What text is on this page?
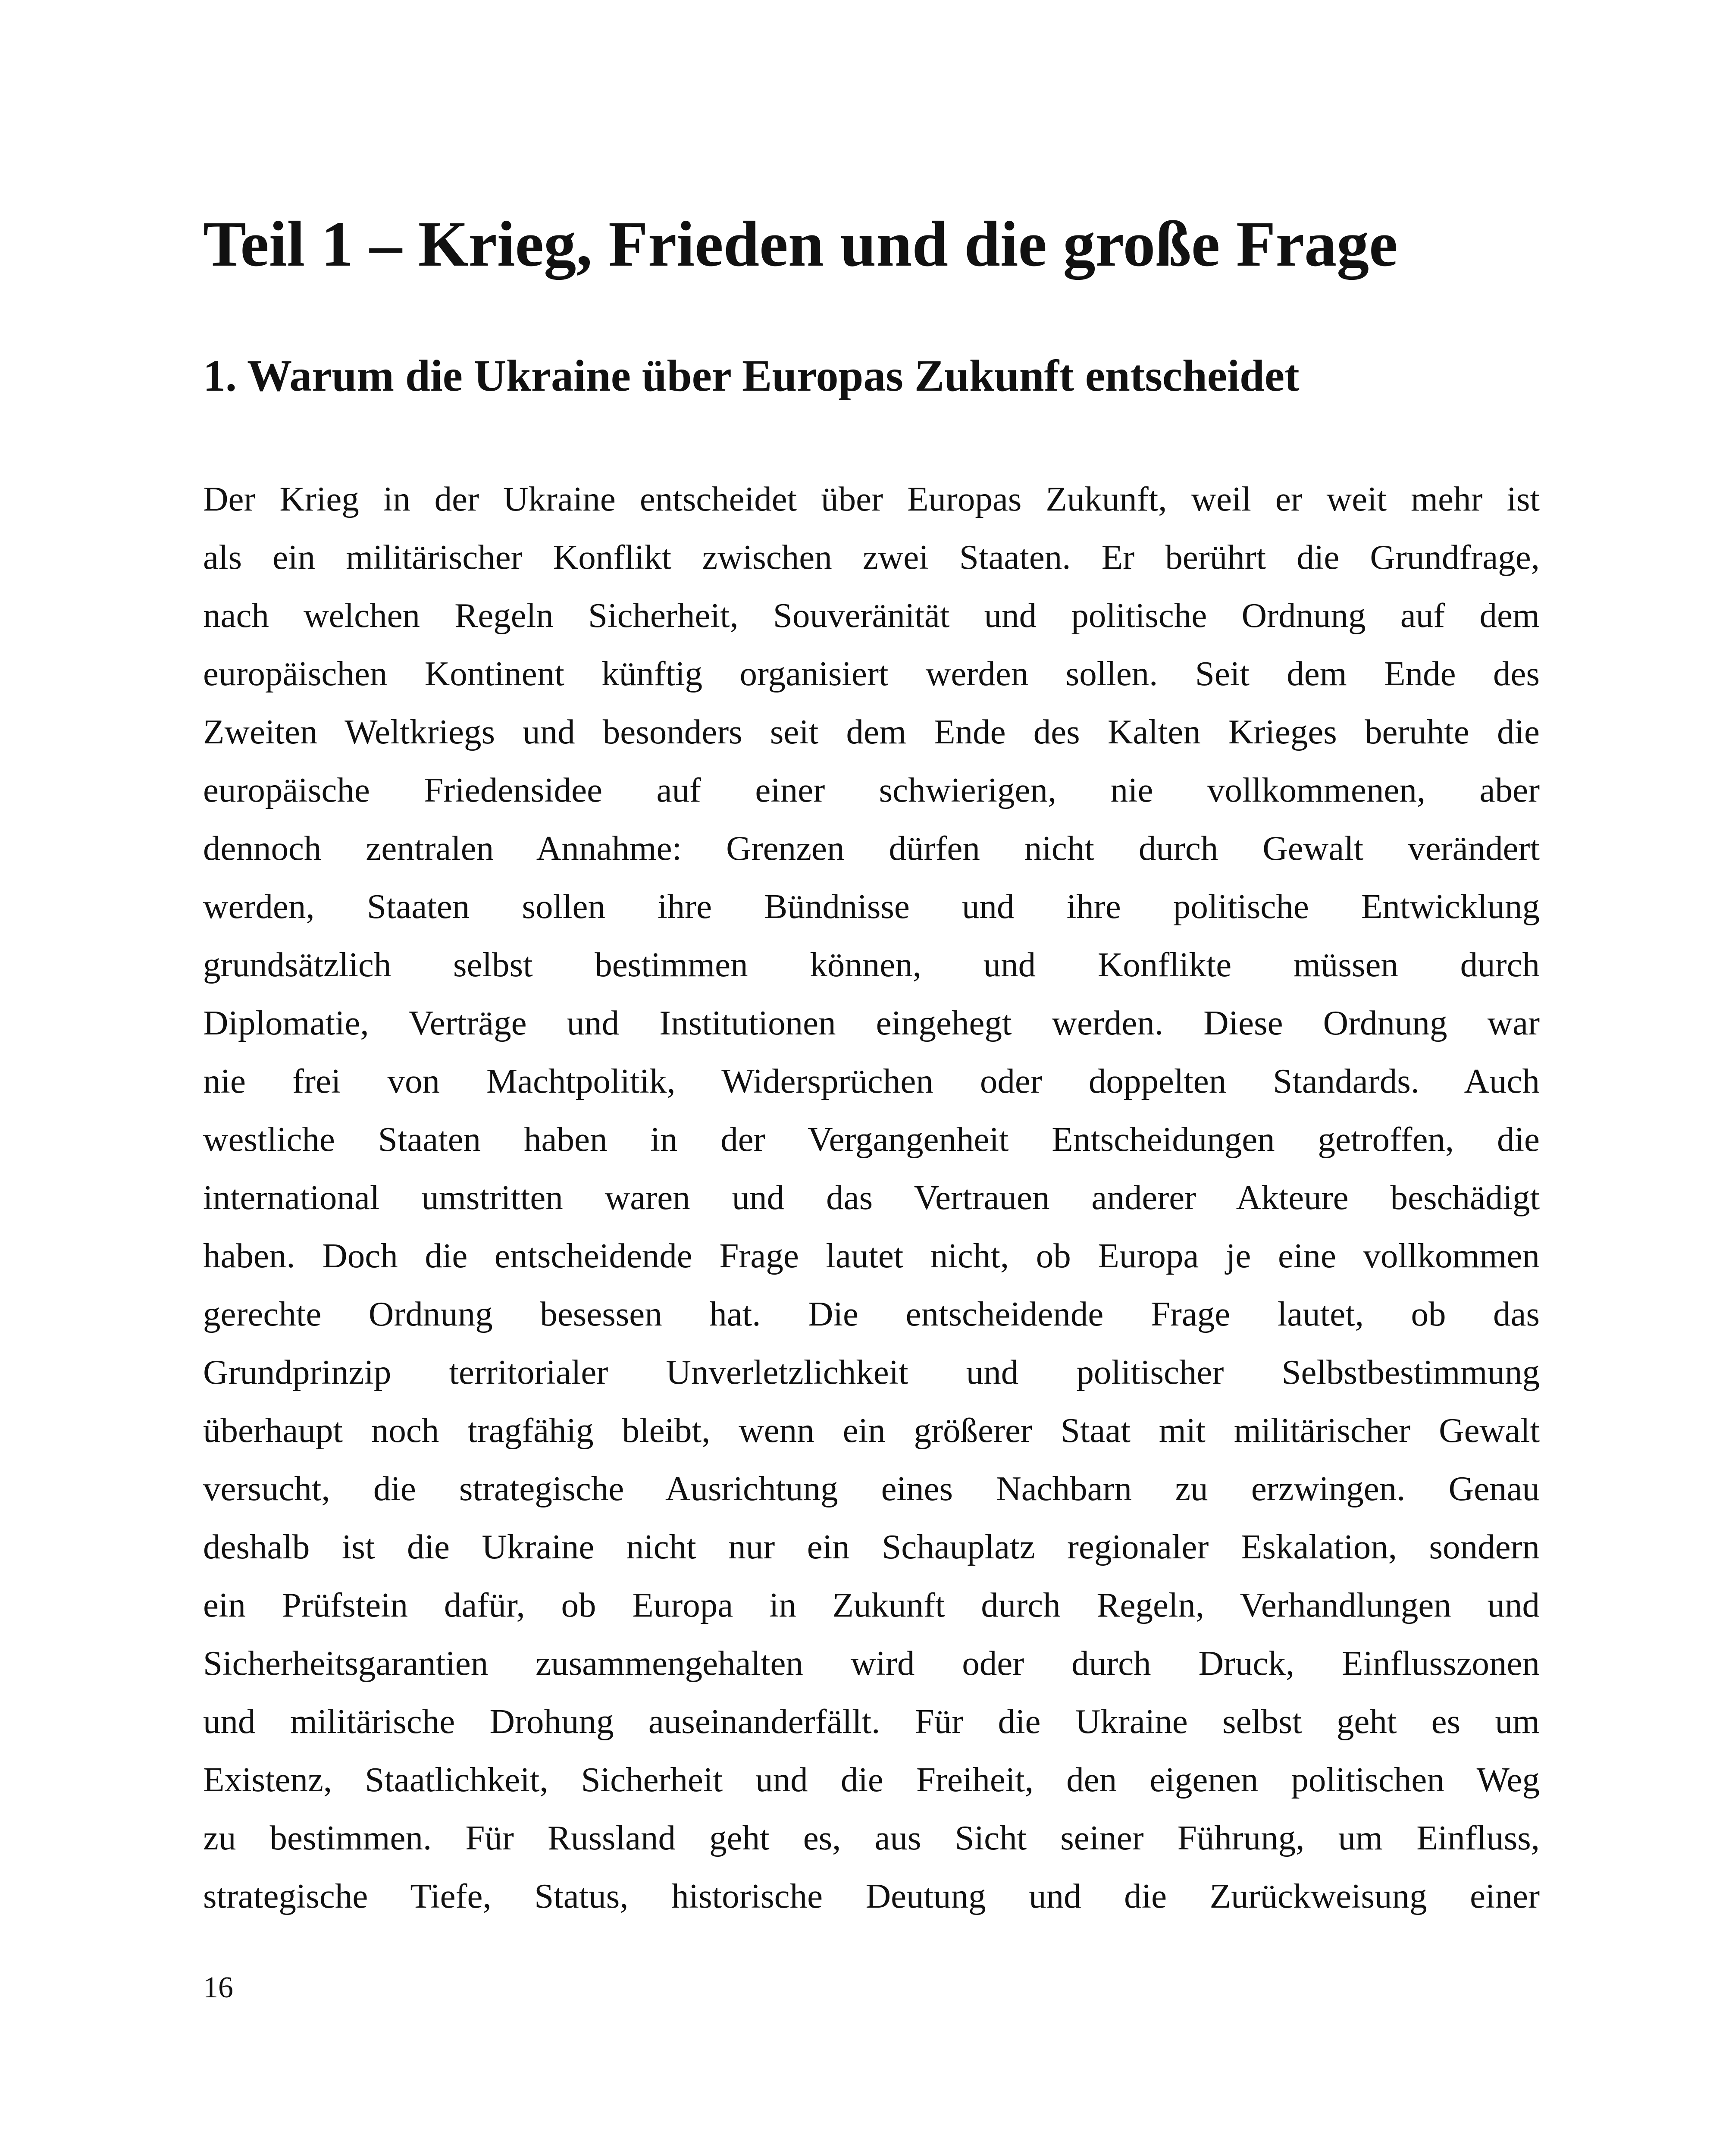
Teil 1 – Krieg, Frieden und die große Frage
1. Warum die Ukraine über Europas Zukunft entscheidet
Der Krieg in der Ukraine entscheidet über Europas Zukunft, weil er weit mehr ist
als ein militärischer Konflikt zwischen zwei Staaten. Er berührt die Grundfrage,
nach welchen Regeln Sicherheit, Souveränität und politische Ordnung auf dem
europäischen Kontinent künftig organisiert werden sollen. Seit dem Ende des
Zweiten Weltkriegs und besonders seit dem Ende des Kalten Krieges beruhte die
europäische Friedensidee auf einer schwierigen, nie vollkommenen, aber
dennoch zentralen Annahme: Grenzen dürfen nicht durch Gewalt verändert
werden, Staaten sollen ihre Bündnisse und ihre politische Entwicklung
grundsätzlich selbst bestimmen können, und Konflikte müssen durch
Diplomatie, Verträge und Institutionen eingehegt werden. Diese Ordnung war
nie frei von Machtpolitik, Widersprüchen oder doppelten Standards. Auch
westliche Staaten haben in der Vergangenheit Entscheidungen getroffen, die
international umstritten waren und das Vertrauen anderer Akteure beschädigt
haben. Doch die entscheidende Frage lautet nicht, ob Europa je eine vollkommen
gerechte Ordnung besessen hat. Die entscheidende Frage lautet, ob das
Grundprinzip territorialer Unverletzlichkeit und politischer Selbstbestimmung
überhaupt noch tragfähig bleibt, wenn ein größerer Staat mit militärischer Gewalt
versucht, die strategische Ausrichtung eines Nachbarn zu erzwingen. Genau
deshalb ist die Ukraine nicht nur ein Schauplatz regionaler Eskalation, sondern
ein Prüfstein dafür, ob Europa in Zukunft durch Regeln, Verhandlungen und
Sicherheitsgarantien zusammengehalten wird oder durch Druck, Einflusszonen
und militärische Drohung auseinanderfällt. Für die Ukraine selbst geht es um
Existenz, Staatlichkeit, Sicherheit und die Freiheit, den eigenen politischen Weg
zu bestimmen. Für Russland geht es, aus Sicht seiner Führung, um Einfluss,
strategische Tiefe, Status, historische Deutung und die Zurückweisung einer
16
